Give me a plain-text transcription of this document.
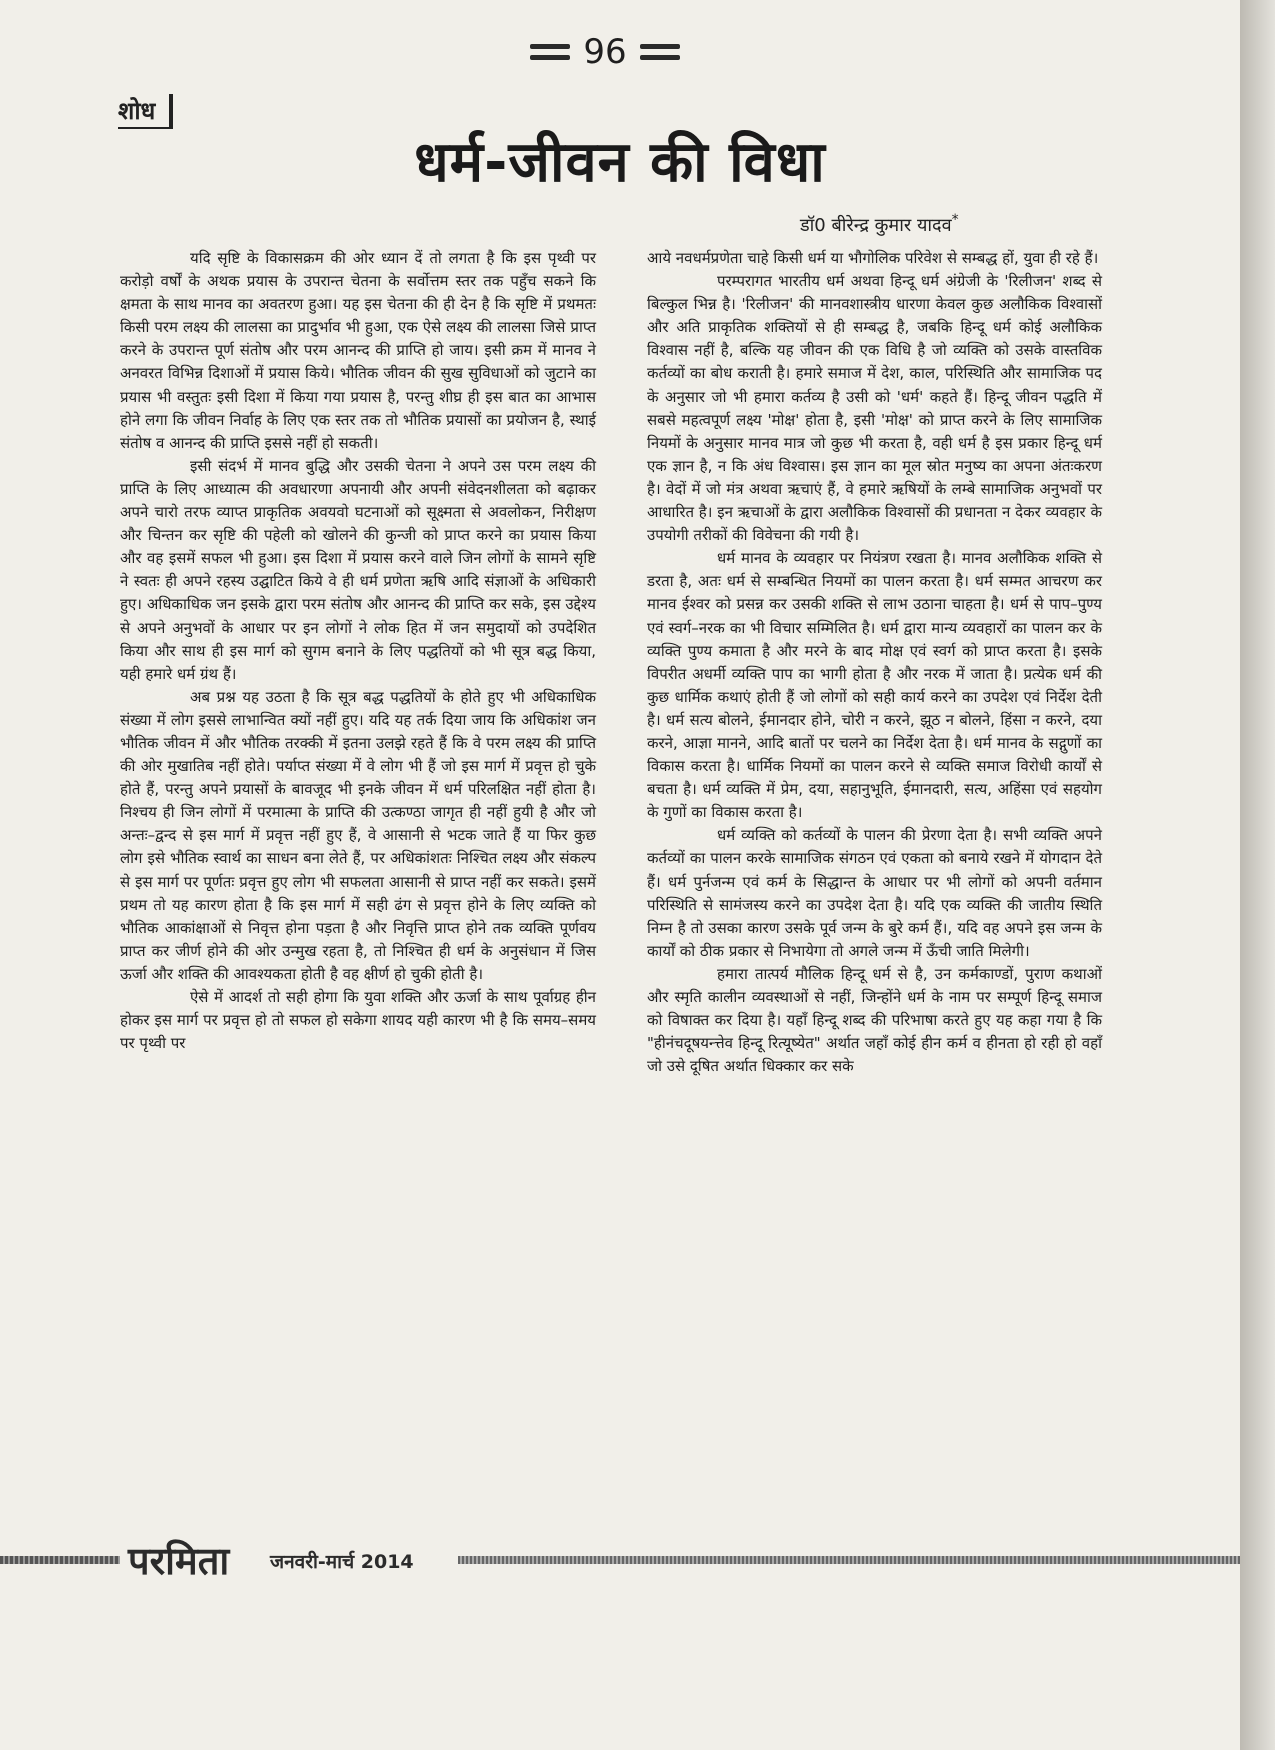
96
शोध
धर्म-जीवन की विधा
डॉ0 बीरेन्द्र कुमार यादव*

यदि सृष्टि के विकासक्रम की ओर ध्यान दें तो लगता है कि इस पृथ्वी पर करोड़ो वर्षों के अथक प्रयास के उपरान्त चेतना के सर्वोत्तम स्तर तक पहुँच सकने कि क्षमता के साथ मानव का अवतरण हुआ। यह इस चेतना की ही देन है कि सृष्टि में प्रथमतः किसी परम लक्ष्य की लालसा का प्रादुर्भाव भी हुआ, एक ऐसे लक्ष्य की लालसा जिसे प्राप्त करने के उपरान्त पूर्ण संतोष और परम आनन्द की प्राप्ति हो जाय। इसी क्रम में मानव ने अनवरत विभिन्न दिशाओं में प्रयास किये। भौतिक जीवन की सुख सुविधाओं को जुटाने का प्रयास भी वस्तुतः इसी दिशा में किया गया प्रयास है, परन्तु शीघ्र ही इस बात का आभास होने लगा कि जीवन निर्वाह के लिए एक स्तर तक तो भौतिक प्रयासों का प्रयोजन है, स्थाई संतोष व आनन्द की प्राप्ति इससे नहीं हो सकती।

इसी संदर्भ में मानव बुद्धि और उसकी चेतना ने अपने उस परम लक्ष्य की प्राप्ति के लिए आध्यात्म की अवधारणा अपनायी और अपनी संवेदनशीलता को बढ़ाकर अपने चारो तरफ व्याप्त प्राकृतिक अवयवो घटनाओं को सूक्ष्मता से अवलोकन, निरीक्षण और चिन्तन कर सृष्टि की पहेली को खोलने की कुन्जी को प्राप्त करने का प्रयास किया और वह इसमें सफल भी हुआ। इस दिशा में प्रयास करने वाले जिन लोगों के सामने सृष्टि ने स्वतः ही अपने रहस्य उद्घाटित किये वे ही धर्म प्रणेता ऋषि आदि संज्ञाओं के अधिकारी हुए। अधिकाधिक जन इसके द्वारा परम संतोष और आनन्द की प्राप्ति कर सके, इस उद्देश्य से अपने अनुभवों के आधार पर इन लोगों ने लोक हित में जन समुदायों को उपदेशित किया और साथ ही इस मार्ग को सुगम बनाने के लिए पद्धतियों को भी सूत्र बद्ध किया, यही हमारे धर्म ग्रंथ हैं।

अब प्रश्न यह उठता है कि सूत्र बद्ध पद्धतियों के होते हुए भी अधिकाधिक संख्या में लोग इससे लाभान्वित क्यों नहीं हुए। यदि यह तर्क दिया जाय कि अधिकांश जन भौतिक जीवन में और भौतिक तरक्की में इतना उलझे रहते हैं कि वे परम लक्ष्य की प्राप्ति की ओर मुखातिब नहीं होते। पर्याप्त संख्या में वे लोग भी हैं जो इस मार्ग में प्रवृत्त हो चुके होते हैं, परन्तु अपने प्रयासों के बावजूद भी इनके जीवन में धर्म परिलक्षित नहीं होता है। निश्चय ही जिन लोगों में परमात्मा के प्राप्ति की उत्कण्ठा जागृत ही नहीं हुयी है और जो अन्तः–द्वन्द से इस मार्ग में प्रवृत्त नहीं हुए हैं, वे आसानी से भटक जाते हैं या फिर कुछ लोग इसे भौतिक स्वार्थ का साधन बना लेते हैं, पर अधिकांशतः निश्चित लक्ष्य और संकल्प से इस मार्ग पर पूर्णतः प्रवृत्त हुए लोग भी सफलता आसानी से प्राप्त नहीं कर सकते। इसमें प्रथम तो यह कारण होता है कि इस मार्ग में सही ढंग से प्रवृत्त होने के लिए व्यक्ति को भौतिक आकांक्षाओं से निवृत्त होना पड़ता है और निवृत्ति प्राप्त होने तक व्यक्ति पूर्णवय प्राप्त कर जीर्ण होने की ओर उन्मुख रहता है, तो निश्चित ही धर्म के अनुसंधान में जिस ऊर्जा और शक्ति की आवश्यकता होती है वह क्षीर्ण हो चुकी होती है।

ऐसे में आदर्श तो सही होगा कि युवा शक्ति और ऊर्जा के साथ पूर्वाग्रह हीन होकर इस मार्ग पर प्रवृत्त हो तो सफल हो सकेगा शायद यही कारण भी है कि समय–समय पर पृथ्वी पर

आये नवधर्मप्रणेता चाहे किसी धर्म या भौगोलिक परिवेश से सम्बद्ध हों, युवा ही रहे हैं।

परम्परागत भारतीय धर्म अथवा हिन्दू धर्म अंग्रेजी के 'रिलीजन' शब्द से बिल्कुल भिन्न है। 'रिलीजन' की मानवशास्त्रीय धारणा केवल कुछ अलौकिक विश्वासों और अति प्राकृतिक शक्तियों से ही सम्बद्ध है, जबकि हिन्दू धर्म कोई अलौकिक विश्वास नहीं है, बल्कि यह जीवन की एक विधि है जो व्यक्ति को उसके वास्तविक कर्तव्यों का बोध कराती है। हमारे समाज में देश, काल, परिस्थिति और सामाजिक पद के अनुसार जो भी हमारा कर्तव्य है उसी को 'धर्म' कहते हैं। हिन्दू जीवन पद्धति में सबसे महत्वपूर्ण लक्ष्य 'मोक्ष' होता है, इसी 'मोक्ष' को प्राप्त करने के लिए सामाजिक नियमों के अनुसार मानव मात्र जो कुछ भी करता है, वही धर्म है इस प्रकार हिन्दू धर्म एक ज्ञान है, न कि अंध विश्वास। इस ज्ञान का मूल स्रोत मनुष्य का अपना अंतःकरण है। वेदों में जो मंत्र अथवा ऋचाएं हैं, वे हमारे ऋषियों के लम्बे सामाजिक अनुभवों पर आधारित है। इन ऋचाओं के द्वारा अलौकिक विश्वासों की प्रधानता न देकर व्यवहार के उपयोगी तरीकों की विवेचना की गयी है।

धर्म मानव के व्यवहार पर नियंत्रण रखता है। मानव अलौकिक शक्ति से डरता है, अतः धर्म से सम्बन्धित नियमों का पालन करता है। धर्म सम्मत आचरण कर मानव ईश्वर को प्रसन्न कर उसकी शक्ति से लाभ उठाना चाहता है। धर्म से पाप–पुण्य एवं स्वर्ग–नरक का भी विचार सम्मिलित है। धर्म द्वारा मान्य व्यवहारों का पालन कर के व्यक्ति पुण्य कमाता है और मरने के बाद मोक्ष एवं स्वर्ग को प्राप्त करता है। इसके विपरीत अधर्मी व्यक्ति पाप का भागी होता है और नरक में जाता है। प्रत्येक धर्म की कुछ धार्मिक कथाएं होती हैं जो लोगों को सही कार्य करने का उपदेश एवं निर्देश देती है। धर्म सत्य बोलने, ईमानदार होने, चोरी न करने, झूठ न बोलने, हिंसा न करने, दया करने, आज्ञा मानने, आदि बातों पर चलने का निर्देश देता है। धर्म मानव के सद्गुणों का विकास करता है। धार्मिक नियमों का पालन करने से व्यक्ति समाज विरोधी कार्यों से बचता है। धर्म व्यक्ति में प्रेम, दया, सहानुभूति, ईमानदारी, सत्य, अहिंसा एवं सहयोग के गुणों का विकास करता है।

धर्म व्यक्ति को कर्तव्यों के पालन की प्रेरणा देता है। सभी व्यक्ति अपने कर्तव्यों का पालन करके सामाजिक संगठन एवं एकता को बनाये रखने में योगदान देते हैं। धर्म पुर्नजन्म एवं कर्म के सिद्धान्त के आधार पर भी लोगों को अपनी वर्तमान परिस्थिति से सामंजस्य करने का उपदेश देता है। यदि एक व्यक्ति की जातीय स्थिति निम्न है तो उसका कारण उसके पूर्व जन्म के बुरे कर्म हैं।, यदि वह अपने इस जन्म के कार्यों को ठीक प्रकार से निभायेगा तो अगले जन्म में ऊँची जाति मिलेगी।

हमारा तात्पर्य मौलिक हिन्दू धर्म से है, उन कर्मकाण्डों, पुराण कथाओं और स्मृति कालीन व्यवस्थाओं से नहीं, जिन्होंने धर्म के नाम पर सम्पूर्ण हिन्दू समाज को विषाक्त कर दिया है। यहाँ हिन्दू शब्द की परिभाषा करते हुए यह कहा गया है कि "हीनंचदूषयन्त्तेव हिन्दू रित्यूष्येत" अर्थात जहाँ कोई हीन कर्म व हीनता हो रही हो वहाँ जो उसे दूषित अर्थात धिक्कार कर सके

परमिता जनवरी-मार्च 2014
